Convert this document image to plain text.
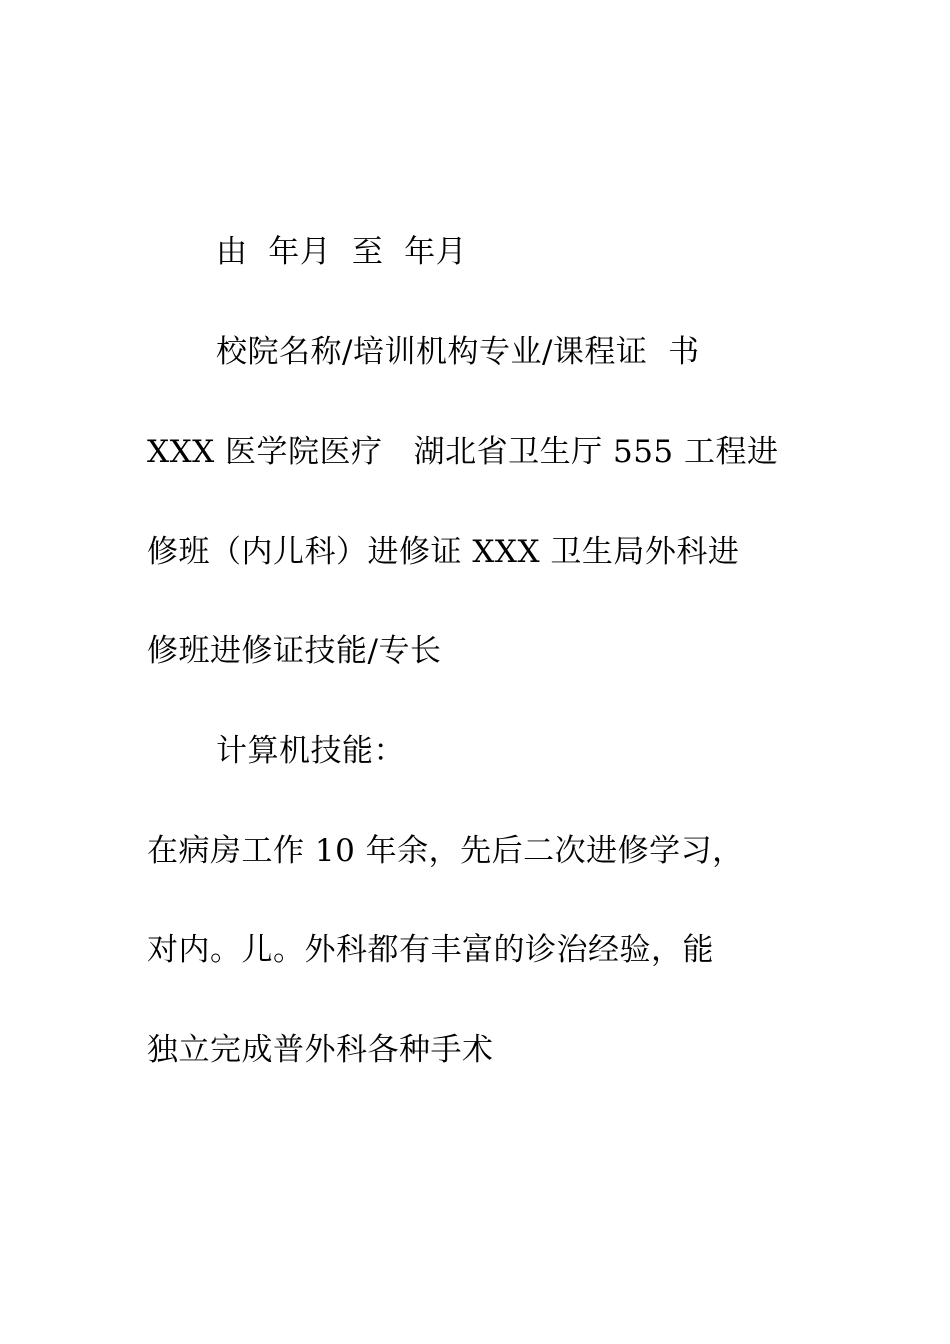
由  年月  至  年月
校院名称/培训机构专业/课程证  书
XXX 医学院医疗   湖北省卫生厅 555 工程进
修班（内儿科）进修证 XXX 卫生局外科进
修班进修证技能/专长
计算机技能：
在病房工作 10 年余，先后二次进修学习，
对内。儿。外科都有丰富的诊治经验，能
独立完成普外科各种手术
